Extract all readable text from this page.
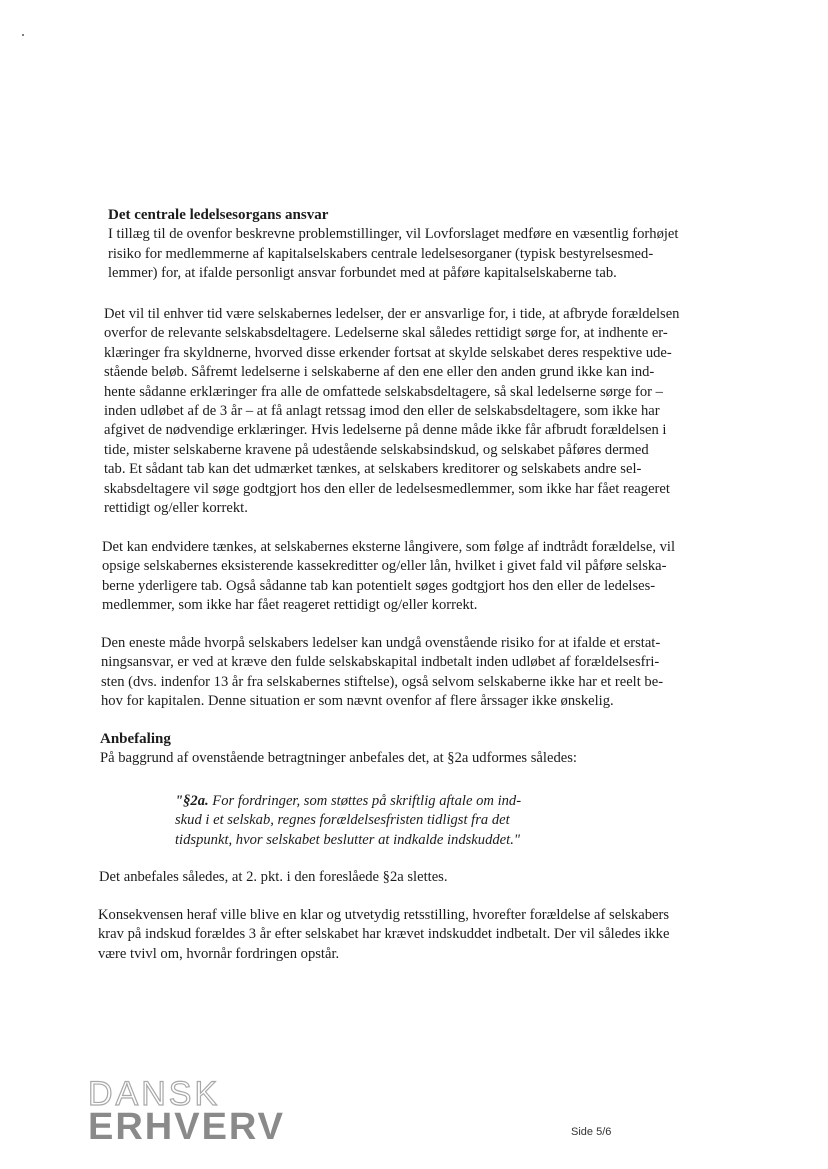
Det centrale ledelsesorgans ansvar

I tillæg til de ovenfor beskrevne problemstillinger, vil Lovforslaget medføre en væsentlig forhøjet
risiko for medlemmerne af kapitalselskabers centrale ledelsesorganer (typisk bestyrelsesmed-
lemmer) for, at ifalde personligt ansvar forbundet med at påføre kapitalselskaberne tab.

Det vil til enhver tid være selskabernes ledelser, der er ansvarlige for, i tide, at afbryde forældelsen
overfor de relevante selskabsdeltagere. Ledelserne skal således rettidigt sørge for, at indhente er-
klæringer fra skyldnerne, hvorved disse erkender fortsat at skylde selskabet deres respektive ude-
stående beløb. Såfremt ledelserne i selskaberne af den ene eller den anden grund ikke kan ind-
hente sådanne erklæringer fra alle de omfattede selskabsdeltagere, så skal ledelserne sørge for –
inden udløbet af de 3 år – at få anlagt retssag imod den eller de selskabsdeltagere, som ikke har
afgivet de nødvendige erklæringer. Hvis ledelserne på denne måde ikke får afbrudt forældelsen i
tide, mister selskaberne kravene på udestående selskabsindskud, og selskabet påføres dermed
tab. Et sådant tab kan det udmærket tænkes, at selskabers kreditorer og selskabets andre sel-
skabsdeltagere vil søge godtgjort hos den eller de ledelsesmedlemmer, som ikke har fået reageret
rettidigt og/eller korrekt.

Det kan endvidere tænkes, at selskabernes eksterne långivere, som følge af indtrådt forældelse, vil
opsige selskabernes eksisterende kassekreditter og/eller lån, hvilket i givet fald vil påføre selska-
berne yderligere tab. Også sådanne tab kan potentielt søges godtgjort hos den eller de ledelses-
medlemmer, som ikke har fået reageret rettidigt og/eller korrekt.

Den eneste måde hvorpå selskabers ledelser kan undgå ovenstående risiko for at ifalde et erstat-
ningsansvar, er ved at kræve den fulde selskabskapital indbetalt inden udløbet af forældelsesfri-
sten (dvs. indenfor 13 år fra selskabernes stiftelse), også selvom selskaberne ikke har et reelt be-
hov for kapitalen. Denne situation er som nævnt ovenfor af flere årssager ikke ønskelig.

Anbefaling

På baggrund af ovenstående betragtninger anbefales det, at §2a udformes således:

"§2a. For fordringer, som støttes på skriftlig aftale om ind-
skud i et selskab, regnes forældelsesfristen tidligst fra det
tidspunkt, hvor selskabet beslutter at indkalde indskuddet."

Det anbefales således, at 2. pkt. i den foreslåede §2a slettes.

Konsekvensen heraf ville blive en klar og utvetydig retsstilling, hvorefter forældelse af selskabers
krav på indskud forældes 3 år efter selskabet har krævet indskuddet indbetalt. Der vil således ikke
være tvivl om, hvornår fordringen opstår.

DANSK
ERHVERV	Side 5/6
